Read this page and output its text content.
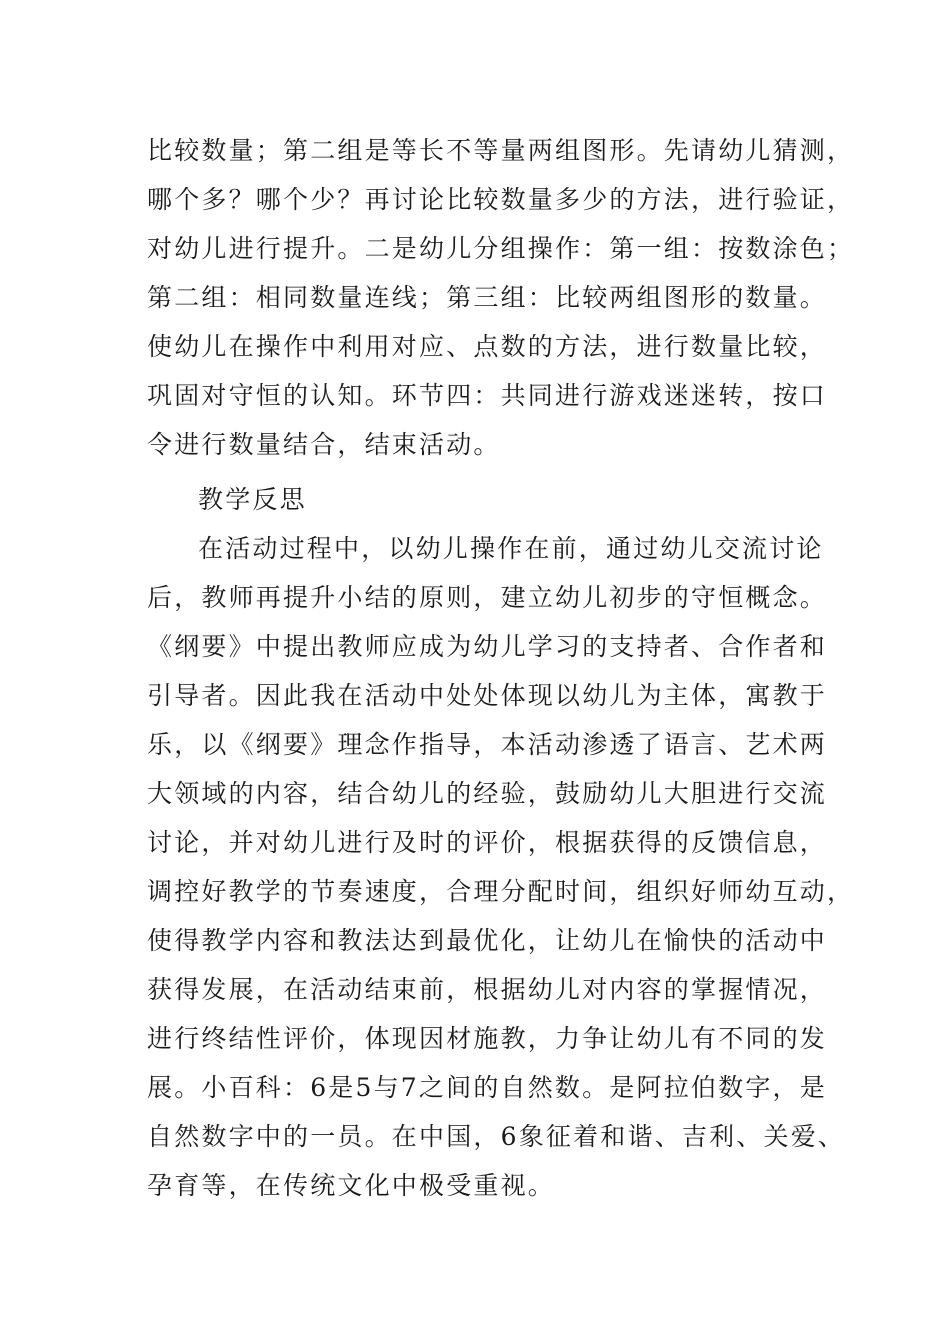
比较数量；第二组是等长不等量两组图形。先请幼儿猜测，
哪个多？哪个少？再讨论比较数量多少的方法，进行验证，
对幼儿进行提升。二是幼儿分组操作：第一组：按数涂色；
第二组：相同数量连线；第三组：比较两组图形的数量。
使幼儿在操作中利用对应、点数的方法，进行数量比较，
巩固对守恒的认知。环节四：共同进行游戏迷迷转，按口
令进行数量结合，结束活动。
教学反思
在活动过程中，以幼儿操作在前，通过幼儿交流讨论
后，教师再提升小结的原则，建立幼儿初步的守恒概念。
《纲要》中提出教师应成为幼儿学习的支持者、合作者和
引导者。因此我在活动中处处体现以幼儿为主体，寓教于
乐，以《纲要》理念作指导，本活动渗透了语言、艺术两
大领域的内容，结合幼儿的经验，鼓励幼儿大胆进行交流
讨论，并对幼儿进行及时的评价，根据获得的反馈信息，
调控好教学的节奏速度，合理分配时间，组织好师幼互动，
使得教学内容和教法达到最优化，让幼儿在愉快的活动中
获得发展，在活动结束前，根据幼儿对内容的掌握情况，
进行终结性评价，体现因材施教，力争让幼儿有不同的发
展。小百科：6是5与7之间的自然数。是阿拉伯数字，是
自然数字中的一员。在中国，6象征着和谐、吉利、关爱、
孕育等，在传统文化中极受重视。
